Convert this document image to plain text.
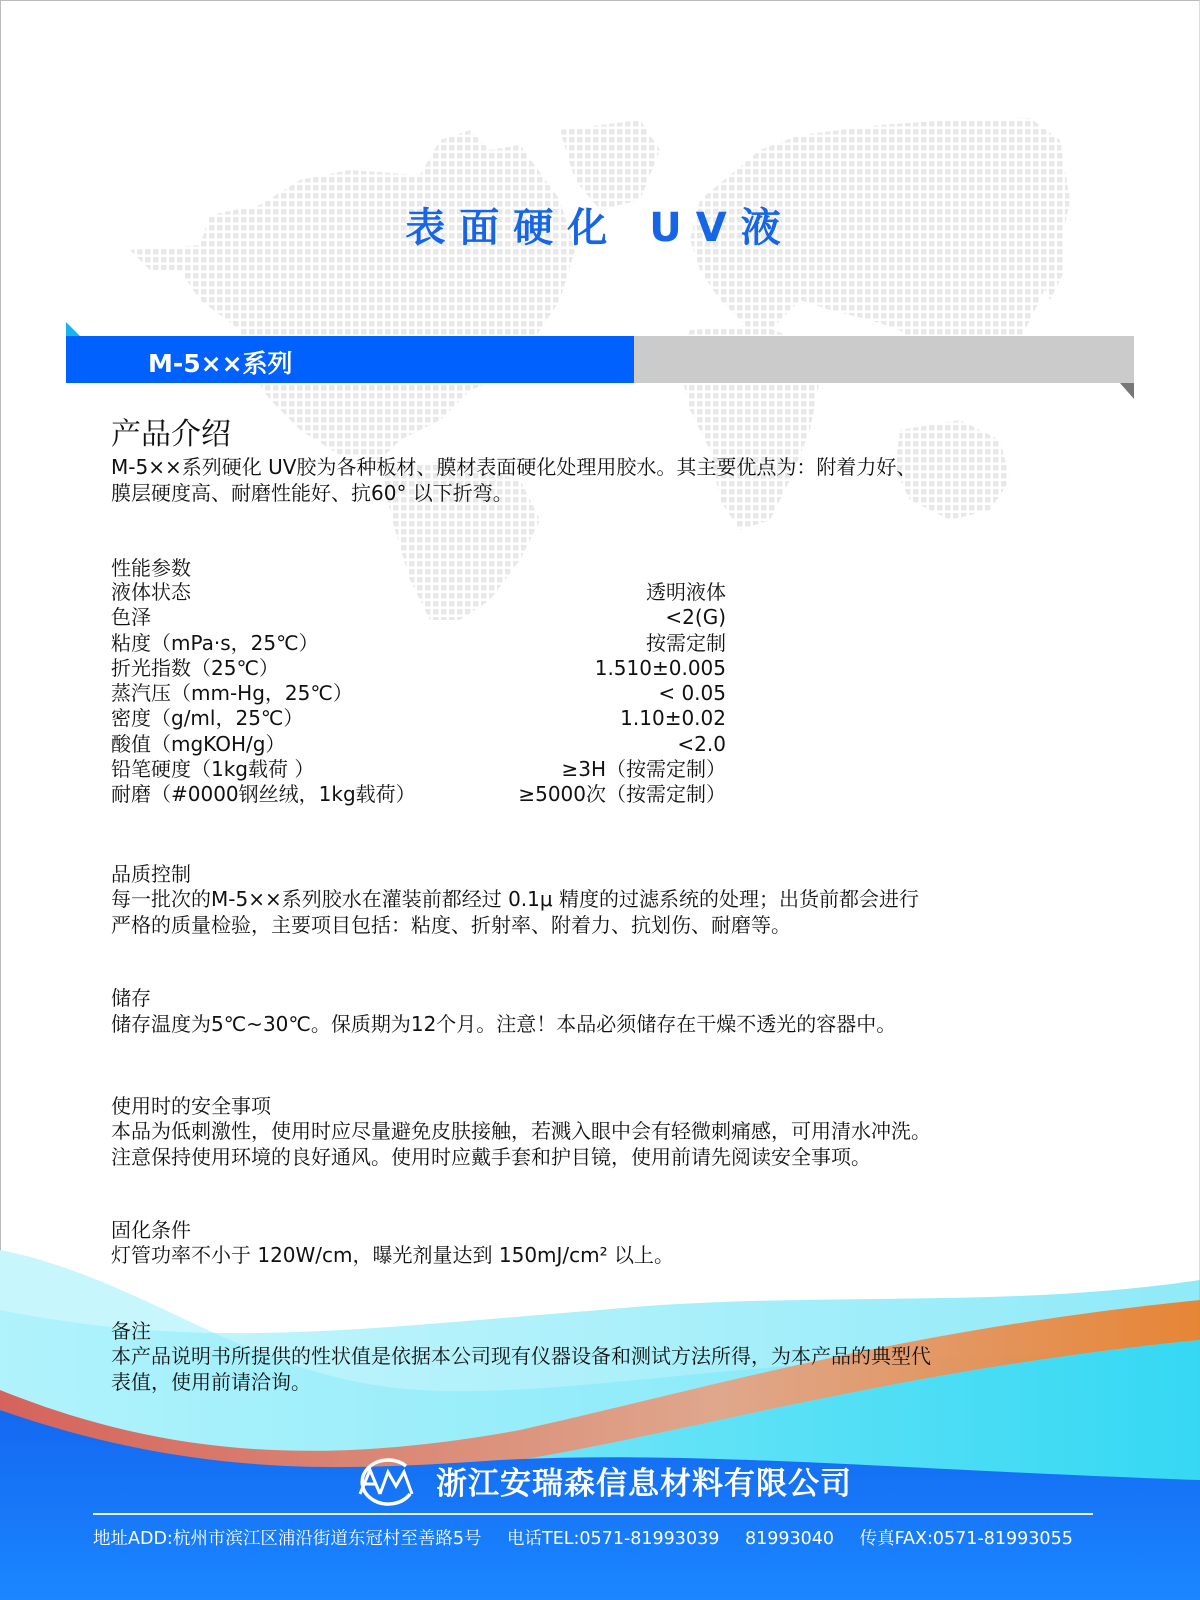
表面硬化 UV液
M-5××系列
产品介绍
M-5××系列硬化 UV胶为各种板材、膜材表面硬化处理用胶水。其主要优点为：附着力好、
膜层硬度高、耐磨性能好、抗60° 以下折弯。
性能参数
液体状态	透明液体
色泽	<2(G)
粘度（mPa·s，25℃）	按需定制
折光指数（25℃）	1.510±0.005
蒸汽压（mm-Hg，25℃）	< 0.05
密度（g/ml，25℃）	1.10±0.02
酸值（mgKOH/g）	<2.0
铅笔硬度（1kg载荷 ）	≥3H（按需定制）
耐磨（#0000钢丝绒，1kg载荷）	≥5000次（按需定制）
品质控制
每一批次的M-5××系列胶水在灌装前都经过 0.1μ 精度的过滤系统的处理；出货前都会进行
严格的质量检验，主要项目包括：粘度、折射率、附着力、抗划伤、耐磨等。
储存
储存温度为5℃~30℃。保质期为12个月。注意！本品必须储存在干燥不透光的容器中。
使用时的安全事项
本品为低刺激性，使用时应尽量避免皮肤接触，若溅入眼中会有轻微刺痛感，可用清水冲洗。
注意保持使用环境的良好通风。使用时应戴手套和护目镜，使用前请先阅读安全事项。
固化条件
灯管功率不小于 120W/cm，曝光剂量达到 150mJ/cm² 以上。
备注
本产品说明书所提供的性状值是依据本公司现有仪器设备和测试方法所得，为本产品的典型代
表值，使用前请洽询。
浙江安瑞森信息材料有限公司
地址ADD:杭州市滨江区浦沿街道东冠村至善路5号 电话TEL:0571-81993039 81993040 传真FAX:0571-81993055
